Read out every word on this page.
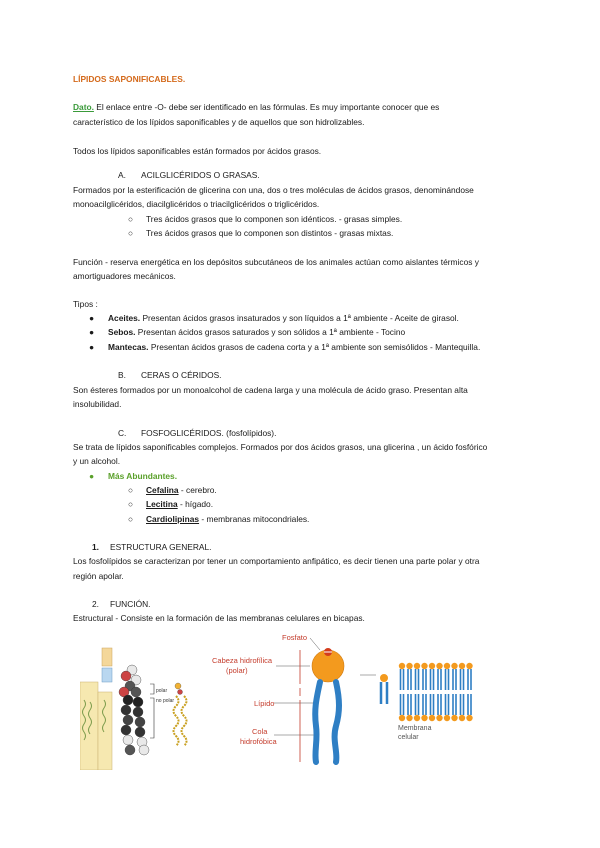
LÍPIDOS SAPONIFICABLES.
Dato. El enlace entre -O- debe ser identificado en las fórmulas. Es muy importante conocer que es
característico de los lípidos saponificables y de aquellos que son hidrolizables.
Todos los lípidos saponificables están formados por ácidos grasos.
A. ACILGLICÉRIDOS O GRASAS.
Formados por la esterificación de glicerina con una, dos o tres moléculas de ácidos grasos, denominándose
monoacilglicéridos, diacilglicéridos o triacilglicéridos o triglicéridos.
○ Tres ácidos grasos que lo componen son idénticos. - grasas simples.
○ Tres ácidos grasos que lo componen son distintos - grasas mixtas.
Función - reserva energética en los depósitos subcutáneos de los animales actúan como aislantes térmicos y
amortiguadores mecánicos.
Tipos :
● Aceites. Presentan ácidos grasos insaturados y son líquidos a 1ª ambiente - Aceite de girasol.
● Sebos. Presentan ácidos grasos saturados y son sólidos a 1ª ambiente - Tocino
● Mantecas. Presentan ácidos grasos de cadena corta y a 1ª ambiente son semisólidos - Mantequilla.
B. CERAS O CÉRIDOS.
Son ésteres formados por un monoalcohol de cadena larga y una molécula de ácido graso. Presentan alta
insolubilidad.
C. FOSFOGLICÉRIDOS. (fosfolípidos).
Se trata de lípidos saponificables complejos. Formados por dos ácidos grasos, una glicerina , un ácido fosfórico
y un alcohol.
● Más Abundantes.
○ Cefalina - cerebro.
○ Lecitina - hígado.
○ Cardiolipinas - membranas mitocondriales.
1. ESTRUCTURA GENERAL.
Los fosfolípidos se caracterizan por tener un comportamiento anfipático, es decir tienen una parte polar y otra
región apolar.
2. FUNCIÓN.
Estructural - Consiste en la formación de las membranas celulares en bicapas.
polar
no polar
Fosfato
Cabeza hidrofílica
(polar)
Lípido
Cola
hidrofóbica
Membrana
celular
